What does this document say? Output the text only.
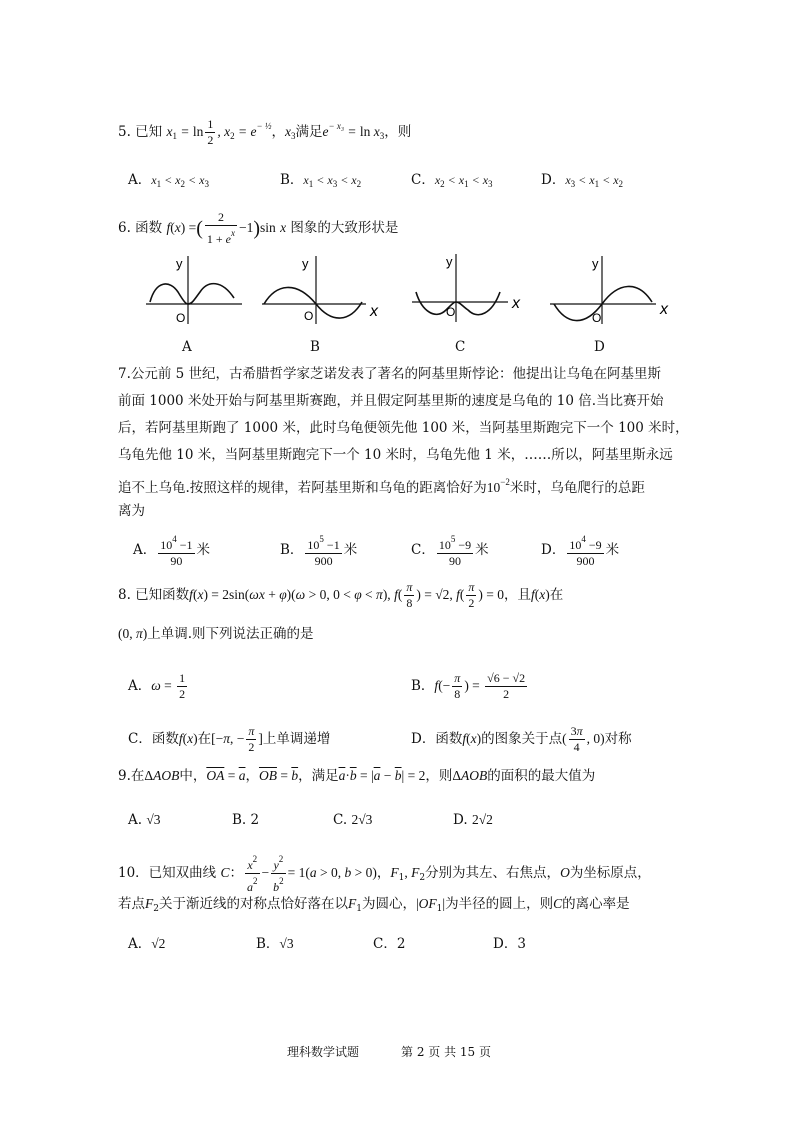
5. 已知 $x_1 = \ln \frac{1}{2}$ , $x_2 = e^{- \frac{1}{2}}$，$x_3$满足$e^{- x_3} = \ln x_3$，则
A．$x_1 < x_2 < x_3$	B．$x_1 < x_3 < x_2$	C．$x_2 < x_1 < x_3$	D．$x_3 < x_1 < x_2$
6. 函数 f(x) =( $\frac{2}{1 + e^x} -1)\sin$ x 图象的大致形状是
y
O
y
O	x
y
O	x
y
O	x
A	B	C	D
7.公元前 5 世纪，古希腊哲学家芝诺发表了著名的阿基里斯悖论：他提出让乌龟在阿基里斯
前面 1000 米处开始与阿基里斯赛跑，并且假定阿基里斯的速度是乌龟的 10 倍.当比赛开始
后，若阿基里斯跑了 1000 米，此时乌龟便领先他 100 米，当阿基里斯跑完下一个 100 米时，
乌龟先他 10 米，当阿基里斯跑完下一个 10 米时，乌龟先他 1 米，……所以，阿基里斯永远
追不上乌龟.按照这样的规律，若阿基里斯和乌龟的距离恰好为$10^{-2}$米时，乌龟爬行的总距
离为
A． $\frac{10^4 -1}{90}$ 米	B． $\frac{10^5 -1}{900}$ 米	C． $\frac{10^5 -9}{90}$ 米	D． $\frac{10^4 -9}{900}$ 米
8. 已知函数f(x) = 2sin(ωx + φ)(ω > 0, 0 < φ < π), $f( \frac{\pi}{8}$ ) = √2, $f( \frac{\pi}{2}$ ) = 0，且f(x)在
(0, π)上单调.则下列说法正确的是
A．$\omega = \frac{1}{2}$	B．$f(- \frac{\pi}{8}$ ) = $\frac{√6 - √2}{2}$
C．函数f(x)在[−π, − $\frac{\pi}{2}$ ]上单调递增	D．函数f(x)的图象关于点( $\frac{3\pi}{4}$ , 0)对称
9.在ΔAOB中，$\overline{OA} = \overline{a}$，$\overline{OB} = \overline{b}$，满足$\overline{a}\cdot\overline{b} = |\overline{a} - \overline{b}| = 2$，则ΔAOB的面积的最大值为
A. √3	B. 2	C. 2√3	D. 2√2
10．已知双曲线 C： $\frac{x^2}{a^2} - \frac{y^2}{b^2} = 1(a > 0$, b > 0)，$F_1$, $F_2$分别为其左、右焦点，O为坐标原点，
若点$F_2$关于渐近线的对称点恰好落在以$F_1$为圆心，$|OF_1|$为半径的圆上，则C的离心率是
A．√2	B．√3	C．2	D．3
理科数学试题	第 2 页 共 15 页
